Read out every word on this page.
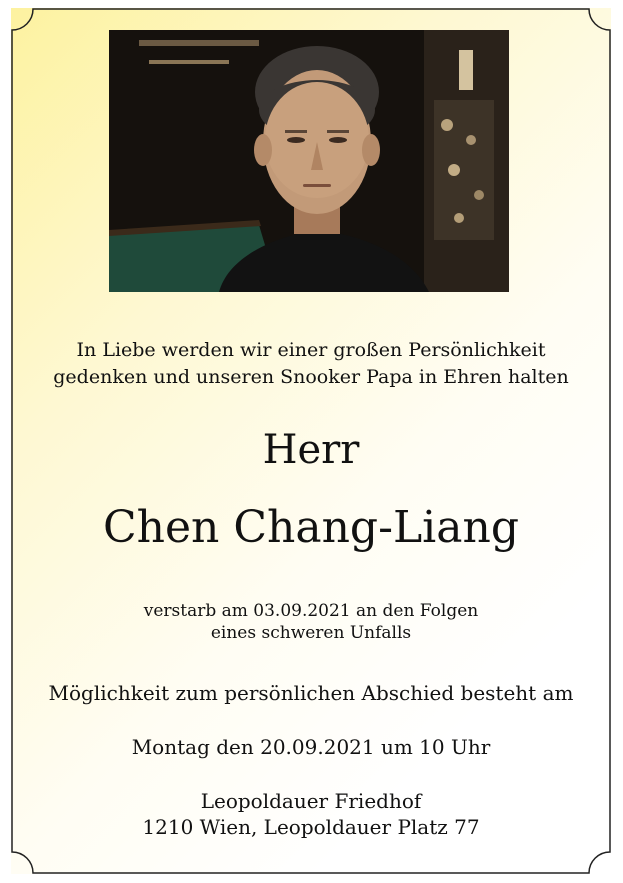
In Liebe werden wir einer großen Persönlichkeit
gedenken und unseren Snooker Papa in Ehren halten

Herr

Chen Chang-Liang

verstarb am 03.09.2021 an den Folgen
eines schweren Unfalls

Möglichkeit zum persönlichen Abschied besteht am

Montag den 20.09.2021 um 10 Uhr

Leopoldauer Friedhof
1210 Wien, Leopoldauer Platz 77
